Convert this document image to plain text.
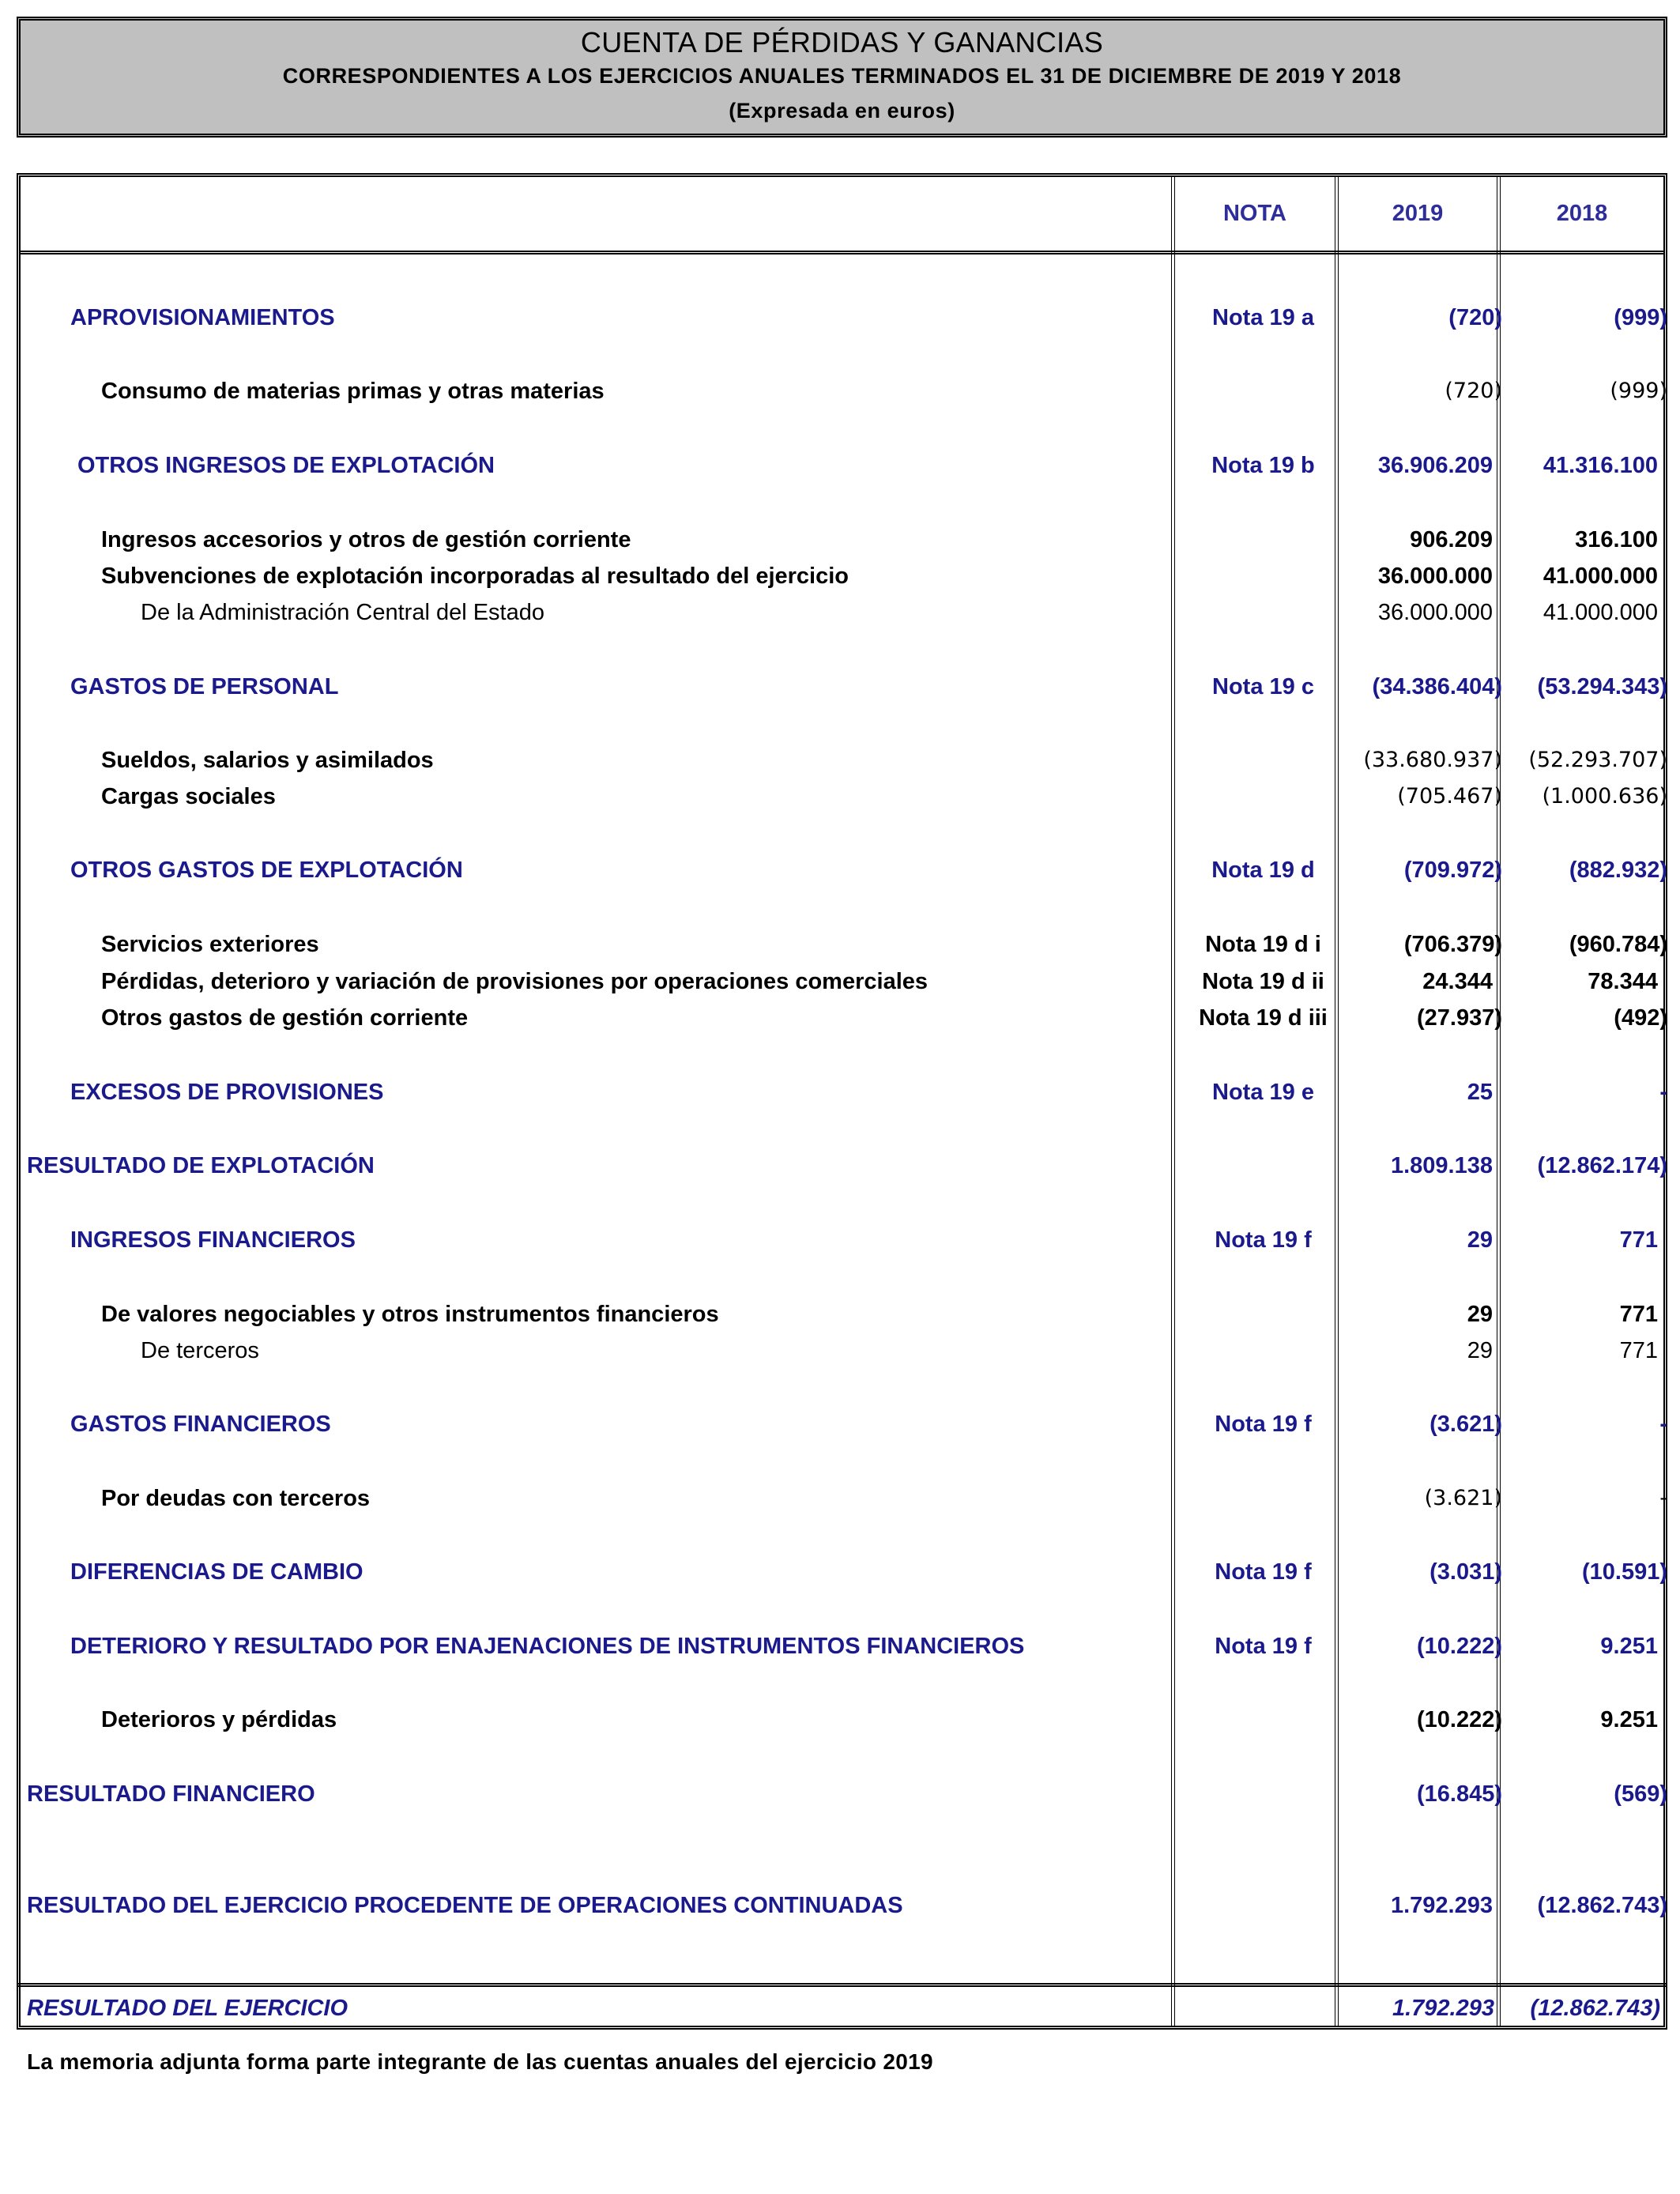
CUENTA DE PÉRDIDAS Y GANANCIAS
CORRESPONDIENTES A LOS EJERCICIOS ANUALES TERMINADOS EL 31 DE DICIEMBRE DE 2019 Y 2018
(Expresada en euros)
NOTA	2019	2018
APROVISIONAMIENTOS	Nota 19 a	(720)	(999)
Consumo de materias primas y otras materias	(720)	(999)
OTROS INGRESOS DE EXPLOTACIÓN	Nota 19 b	36.906.209	41.316.100
Ingresos accesorios y otros de gestión corriente	906.209	316.100
Subvenciones de explotación incorporadas al resultado del ejercicio	36.000.000	41.000.000
De la Administración Central del Estado	36.000.000	41.000.000
GASTOS DE PERSONAL	Nota 19 c	(34.386.404)	(53.294.343)
Sueldos, salarios y asimilados	(33.680.937)	(52.293.707)
Cargas sociales	(705.467)	(1.000.636)
OTROS GASTOS DE EXPLOTACIÓN	Nota 19 d	(709.972)	(882.932)
Servicios exteriores	Nota 19 d i	(706.379)	(960.784)
Pérdidas, deterioro y variación de provisiones por operaciones comerciales	Nota 19 d ii	24.344	78.344
Otros gastos de gestión corriente	Nota 19 d iii	(27.937)	(492)
EXCESOS DE PROVISIONES	Nota 19 e	25	-
RESULTADO DE EXPLOTACIÓN	1.809.138	(12.862.174)
INGRESOS FINANCIEROS	Nota 19 f	29	771
De valores negociables y otros instrumentos financieros	29	771
De terceros	29	771
GASTOS FINANCIEROS	Nota 19 f	(3.621)	-
Por deudas con terceros	(3.621)	-
DIFERENCIAS DE CAMBIO	Nota 19 f	(3.031)	(10.591)
DETERIORO Y RESULTADO POR ENAJENACIONES DE INSTRUMENTOS FINANCIEROS	Nota 19 f	(10.222)	9.251
Deterioros y pérdidas	(10.222)	9.251
RESULTADO FINANCIERO	(16.845)	(569)
RESULTADO DEL EJERCICIO PROCEDENTE DE OPERACIONES CONTINUADAS	1.792.293	(12.862.743)
RESULTADO DEL EJERCICIO	1.792.293	(12.862.743)
La memoria adjunta forma parte integrante de las cuentas anuales del ejercicio 2019
